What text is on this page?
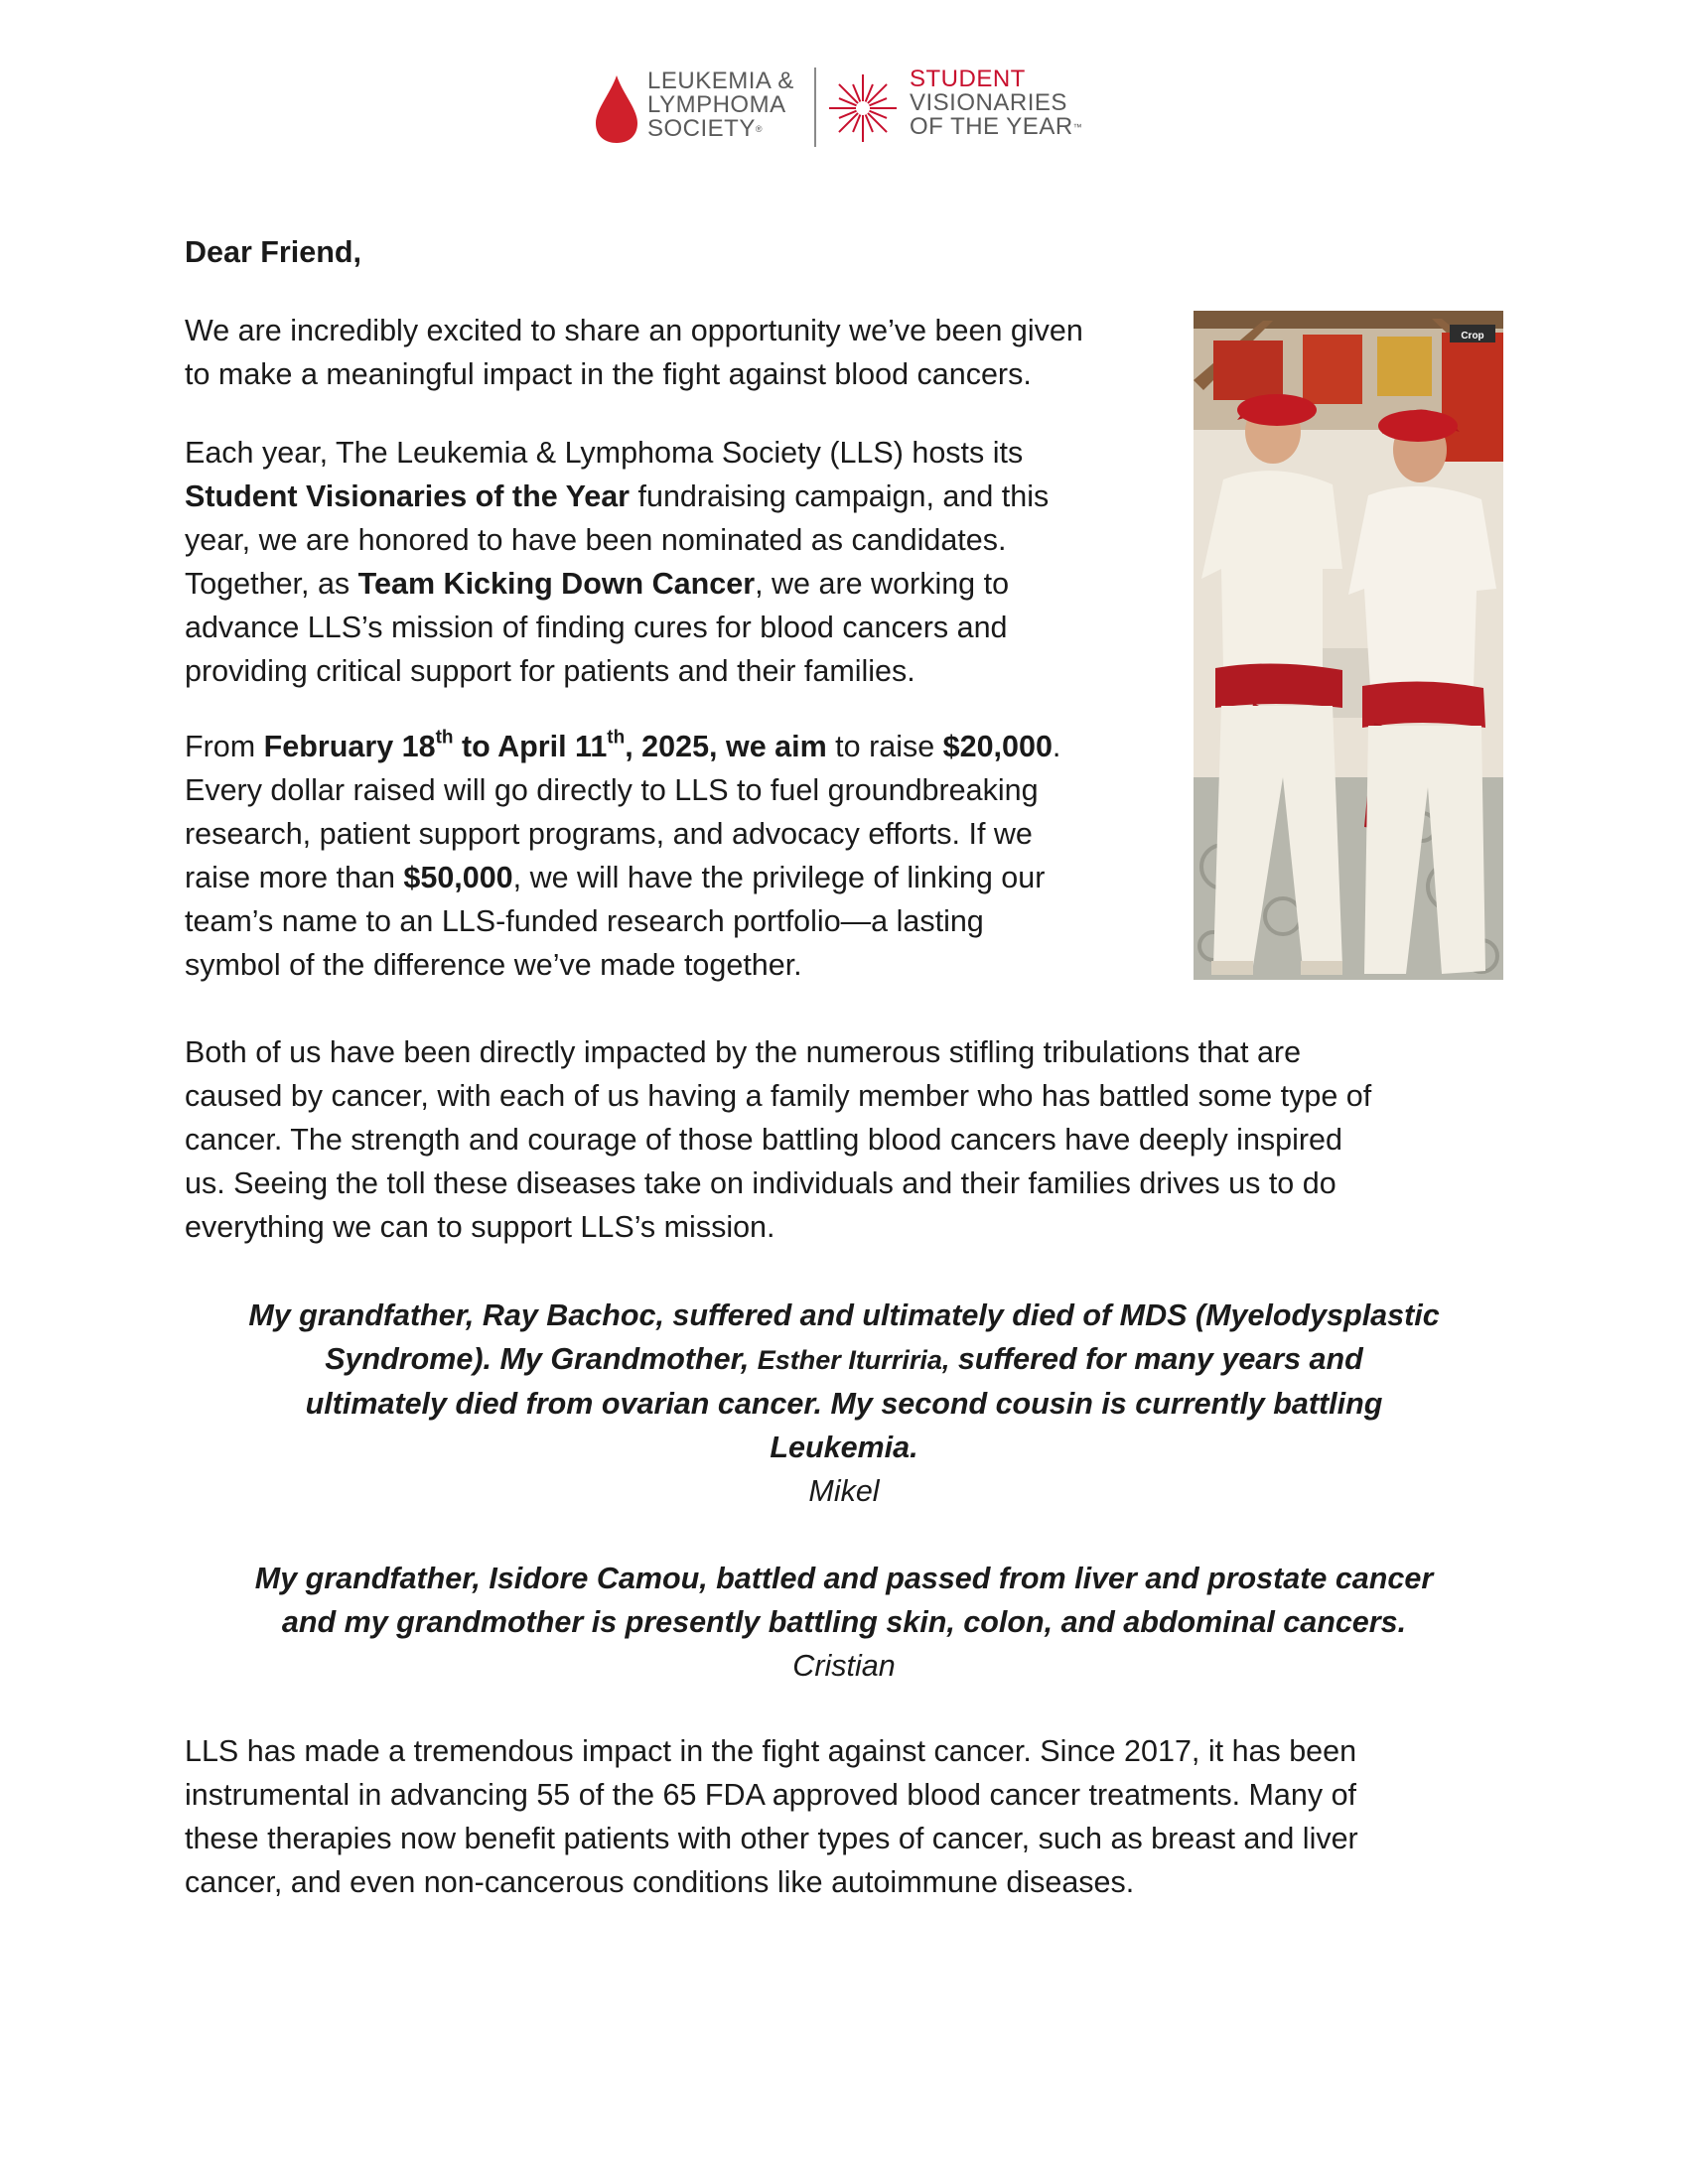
LEUKEMIA &
LYMPHOMA
SOCIETY®
STUDENT
VISIONARIES
OF THE YEAR™

Dear Friend,

We are incredibly excited to share an opportunity we’ve been given
to make a meaningful impact in the fight against blood cancers.

Each year, The Leukemia & Lymphoma Society (LLS) hosts its
Student Visionaries of the Year fundraising campaign, and this
year, we are honored to have been nominated as candidates.
Together, as Team Kicking Down Cancer, we are working to
advance LLS’s mission of finding cures for blood cancers and
providing critical support for patients and their families.

From February 18th to April 11th, 2025, we aim to raise $20,000.
Every dollar raised will go directly to LLS to fuel groundbreaking
research, patient support programs, and advocacy efforts. If we
raise more than $50,000, we will have the privilege of linking our
team’s name to an LLS-funded research portfolio—a lasting
symbol of the difference we’ve made together.

Both of us have been directly impacted by the numerous stifling tribulations that are
caused by cancer, with each of us having a family member who has battled some type of
cancer. The strength and courage of those battling blood cancers have deeply inspired
us. Seeing the toll these diseases take on individuals and their families drives us to do
everything we can to support LLS’s mission.

My grandfather, Ray Bachoc, suffered and ultimately died of MDS (Myelodysplastic
Syndrome). My Grandmother, Esther Iturriria, suffered for many years and
ultimately died from ovarian cancer. My second cousin is currently battling
Leukemia.
Mikel
My grandfather, Isidore Camou, battled and passed from liver and prostate cancer
and my grandmother is presently battling skin, colon, and abdominal cancers.
Cristian

LLS has made a tremendous impact in the fight against cancer. Since 2017, it has been
instrumental in advancing 55 of the 65 FDA approved blood cancer treatments. Many of
these therapies now benefit patients with other types of cancer, such as breast and liver
cancer, and even non-cancerous conditions like autoimmune diseases.

Crop
